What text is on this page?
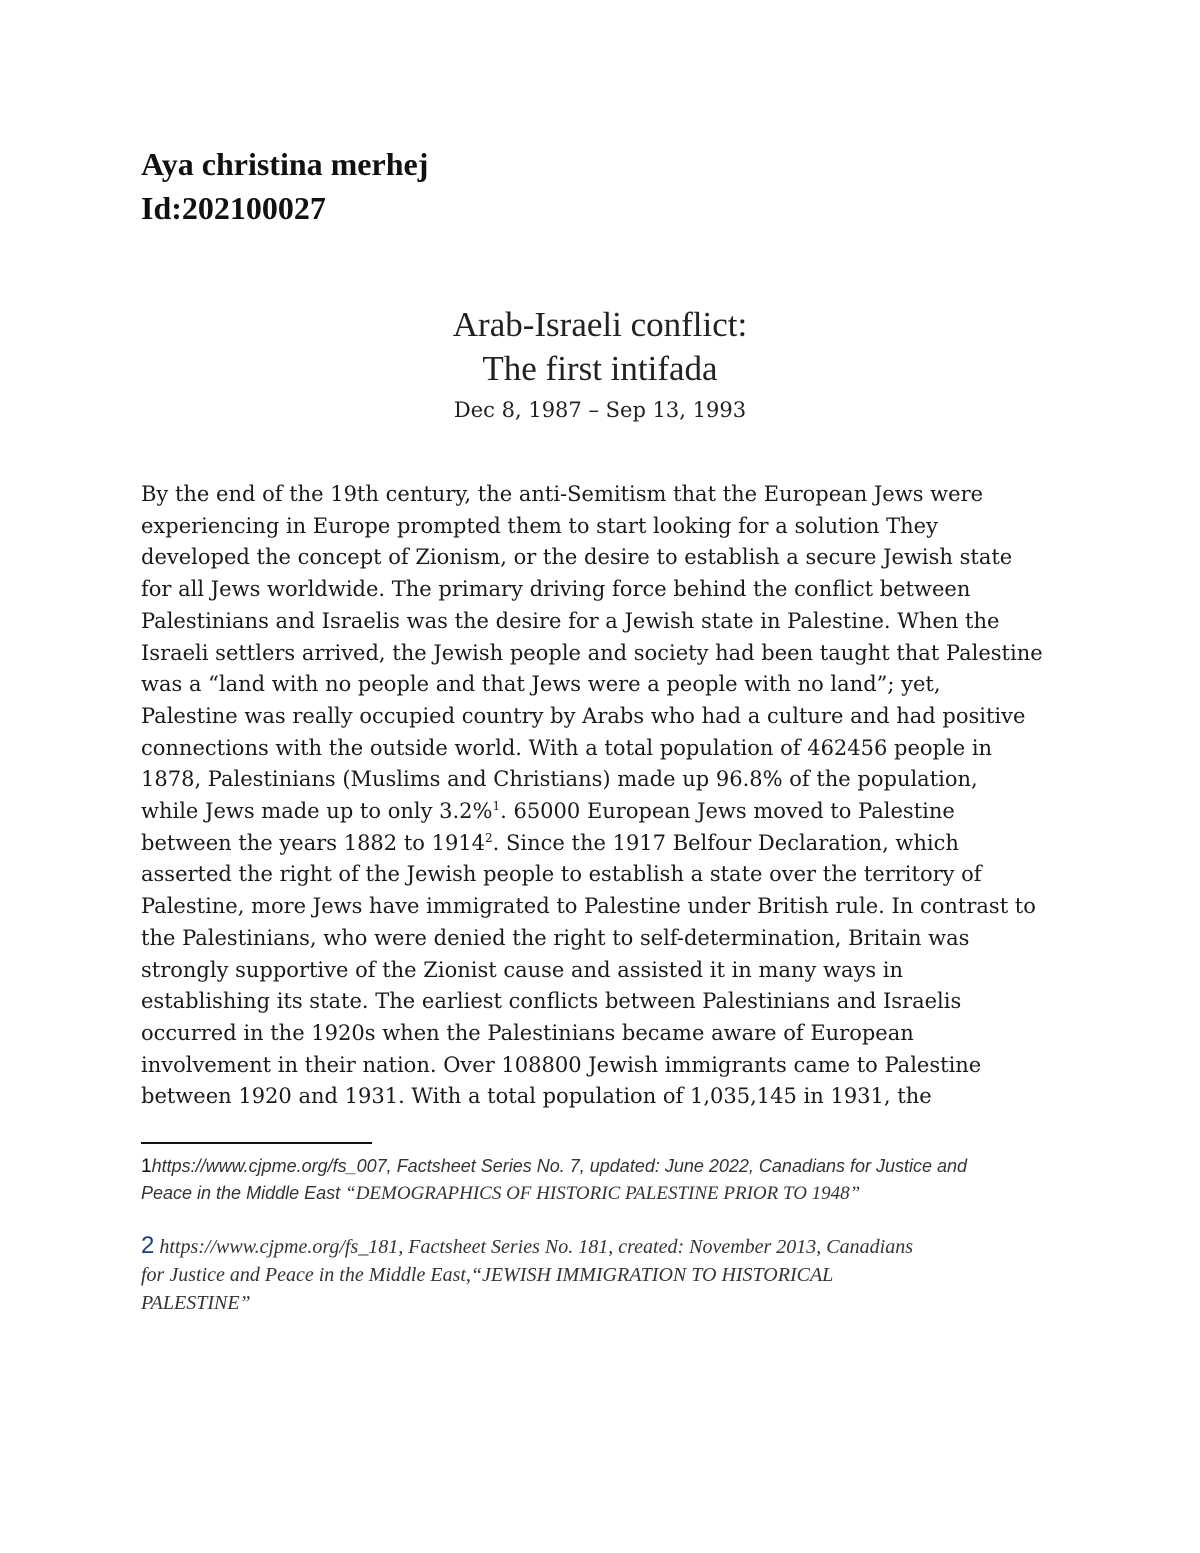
Aya christina merhej
Id:202100027
Arab-Israeli conflict:
The first intifada
Dec 8, 1987 – Sep 13, 1993
By the end of the 19th century, the anti-Semitism that the European Jews were
experiencing in Europe prompted them to start looking for a solution They
developed the concept of Zionism, or the desire to establish a secure Jewish state
for all Jews worldwide. The primary driving force behind the conflict between
Palestinians and Israelis was the desire for a Jewish state in Palestine. When the
Israeli settlers arrived, the Jewish people and society had been taught that Palestine
was a “land with no people and that Jews were a people with no land”; yet,
Palestine was really occupied country by Arabs who had a culture and had positive
connections with the outside world. With a total population of 462456 people in
1878, Palestinians (Muslims and Christians) made up 96.8% of the population,
while Jews made up to only 3.2%$^1$. 65000 European Jews moved to Palestine
between the years 1882 to 1914$^2$. Since the 1917 Belfour Declaration, which
asserted the right of the Jewish people to establish a state over the territory of
Palestine, more Jews have immigrated to Palestine under British rule. In contrast to
the Palestinians, who were denied the right to self-determination, Britain was
strongly supportive of the Zionist cause and assisted it in many ways in
establishing its state. The earliest conflicts between Palestinians and Israelis
occurred in the 1920s when the Palestinians became aware of European
involvement in their nation. Over 108800 Jewish immigrants came to Palestine
between 1920 and 1931. With a total population of 1,035,145 in 1931, the
1https://www.cjpme.org/fs_007, Factsheet Series No. 7, updated: June 2022, Canadians for Justice and
Peace in the Middle East “DEMOGRAPHICS OF HISTORIC PALESTINE PRIOR TO 1948”
2 https://www.cjpme.org/fs_181, Factsheet Series No. 181, created: November 2013, Canadians
for Justice and Peace in the Middle East,“JEWISH IMMIGRATION TO HISTORICAL
PALESTINE”
